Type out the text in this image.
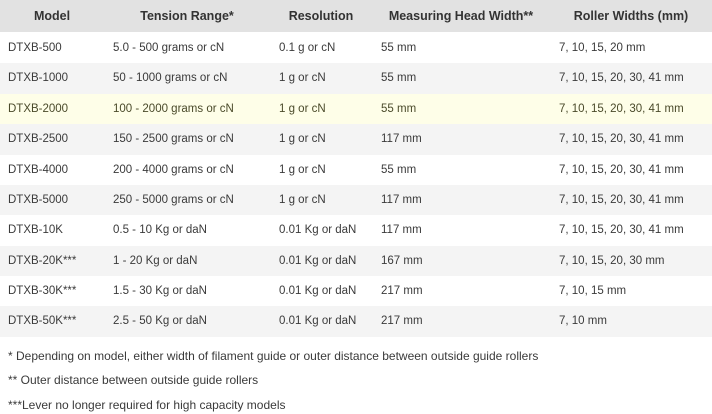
Model	Tension Range*	Resolution	Measuring Head Width**	Roller Widths (mm)
DTXB-500	5.0 - 500 grams or cN	0.1 g or cN	55 mm	7, 10, 15, 20 mm
DTXB-1000	50 - 1000 grams or cN	1 g or cN	55 mm	7, 10, 15, 20, 30, 41 mm
DTXB-2000	100 - 2000 grams or cN	1 g or cN	55 mm	7, 10, 15, 20, 30, 41 mm
DTXB-2500	150 - 2500 grams or cN	1 g or cN	117 mm	7, 10, 15, 20, 30, 41 mm
DTXB-4000	200 - 4000 grams or cN	1 g or cN	55 mm	7, 10, 15, 20, 30, 41 mm
DTXB-5000	250 - 5000 grams or cN	1 g or cN	117 mm	7, 10, 15, 20, 30, 41 mm
DTXB-10K	0.5 - 10 Kg or daN	0.01 Kg or daN	117 mm	7, 10, 15, 20, 30, 41 mm
DTXB-20K***	1 - 20 Kg or daN	0.01 Kg or daN	167 mm	7, 10, 15, 20, 30 mm
DTXB-30K***	1.5 - 30 Kg or daN	0.01 Kg or daN	217 mm	7, 10, 15 mm
DTXB-50K***	2.5 - 50 Kg or daN	0.01 Kg or daN	217 mm	7, 10 mm

* Depending on model, either width of filament guide or outer distance between outside guide rollers

** Outer distance between outside guide rollers

***Lever no longer required for high capacity models
